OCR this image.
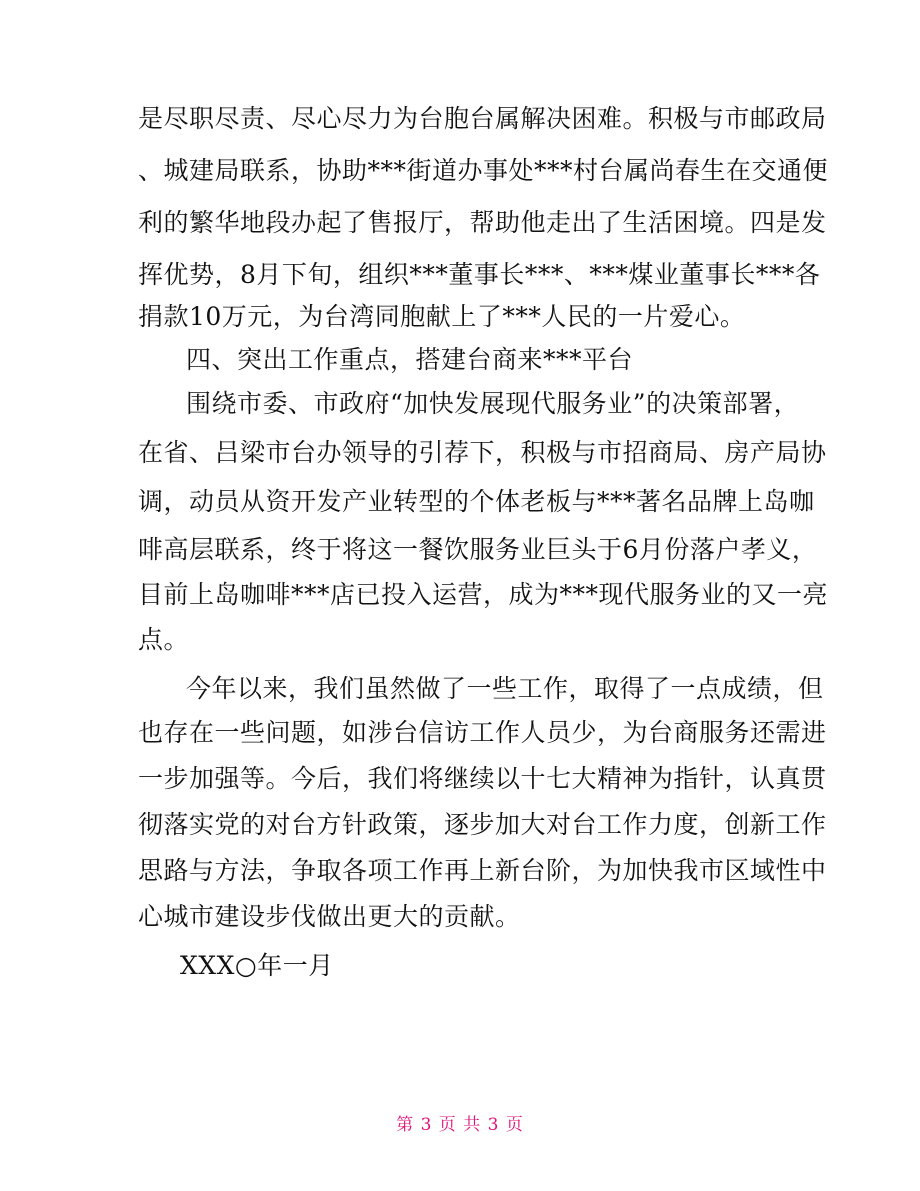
是尽职尽责、尽心尽力为台胞台属解决困难。积极与市邮政局
、城建局联系，协助***街道办事处***村台属尚春生在交通便
利的繁华地段办起了售报厅，帮助他走出了生活困境。四是发
挥优势，8月下旬，组织***董事长***、***煤业董事长***各
捐款10万元，为台湾同胞献上了***人民的一片爱心。
四、突出工作重点，搭建台商来***平台
围绕市委、市政府“加快发展现代服务业”的决策部署，
在省、吕梁市台办领导的引荐下，积极与市招商局、房产局协
调，动员从资开发产业转型的个体老板与***著名品牌上岛咖
啡高层联系，终于将这一餐饮服务业巨头于6月份落户孝义，
目前上岛咖啡***店已投入运营，成为***现代服务业的又一亮
点。
今年以来，我们虽然做了一些工作，取得了一点成绩，但
也存在一些问题，如涉台信访工作人员少，为台商服务还需进
一步加强等。今后，我们将继续以十七大精神为指针，认真贯
彻落实党的对台方针政策，逐步加大对台工作力度，创新工作
思路与方法，争取各项工作再上新台阶，为加快我市区域性中
心城市建设步伐做出更大的贡献。
XXX○年一月
第 3 页 共 3 页
